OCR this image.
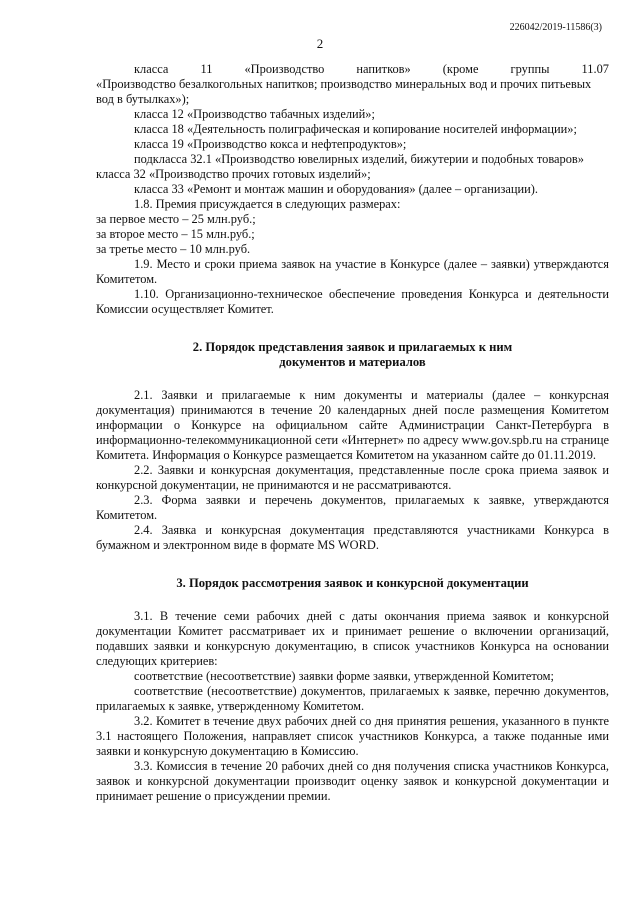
226042/2019-11586(3)
2
класса	11	«Производство	напитков»	(кроме	группы	11.07

«Производство безалкогольных напитков; производство минеральных вод и прочих питьевых вод в бутылках»);

класса 12 «Производство табачных изделий»;

класса 18 «Деятельность полиграфическая и копирование носителей информации»;

класса 19 «Производство кокса и нефтепродуктов»;

подкласса 32.1 «Производство ювелирных изделий, бижутерии и подобных товаров»

класса 32 «Производство прочих готовых изделий»;

класса 33 «Ремонт и монтаж машин и оборудования» (далее – организации).

1.8. Премия присуждается в следующих размерах:

за первое место – 25 млн.руб.;

за второе место – 15 млн.руб.;

за третье место – 10 млн.руб.

1.9. Место и сроки приема заявок на участие в Конкурсе (далее – заявки) утверждаются Комитетом.

1.10. Организационно-техническое обеспечение проведения Конкурса и деятельности Комиссии осуществляет Комитет.

2. Порядок представления заявок и прилагаемых к ним
документов и материалов

2.1. Заявки и прилагаемые к ним документы и материалы (далее – конкурсная документация) принимаются в течение 20 календарных дней после размещения Комитетом информации о Конкурсе на официальном сайте Администрации Санкт-Петербурга в информационно-телекоммуникационной сети «Интернет» по адресу www.gov.spb.ru на странице Комитета. Информация о Конкурсе размещается Комитетом на указанном сайте до 01.11.2019.

2.2. Заявки и конкурсная документация, представленные после срока приема заявок и конкурсной документации, не принимаются и не рассматриваются.

2.3. Форма заявки и перечень документов, прилагаемых к заявке, утверждаются Комитетом.

2.4. Заявка и конкурсная документация представляются участниками Конкурса в бумажном и электронном виде в формате MS WORD.

3. Порядок рассмотрения заявок и конкурсной документации

3.1. В течение семи рабочих дней с даты окончания приема заявок и конкурсной документации Комитет рассматривает их и принимает решение о включении организаций, подавших заявки и конкурсную документацию, в список участников Конкурса на основании следующих критериев:

соответствие (несоответствие) заявки форме заявки, утвержденной Комитетом;

соответствие (несоответствие) документов, прилагаемых к заявке, перечню документов, прилагаемых к заявке, утвержденному Комитетом.

3.2. Комитет в течение двух рабочих дней со дня принятия решения, указанного в пункте 3.1 настоящего Положения, направляет список участников Конкурса, а также поданные ими заявки и конкурсную документацию в Комиссию.

3.3. Комиссия в течение 20 рабочих дней со дня получения списка участников Конкурса, заявок и конкурсной документации производит оценку заявок и конкурсной документации и принимает решение о присуждении премии.
